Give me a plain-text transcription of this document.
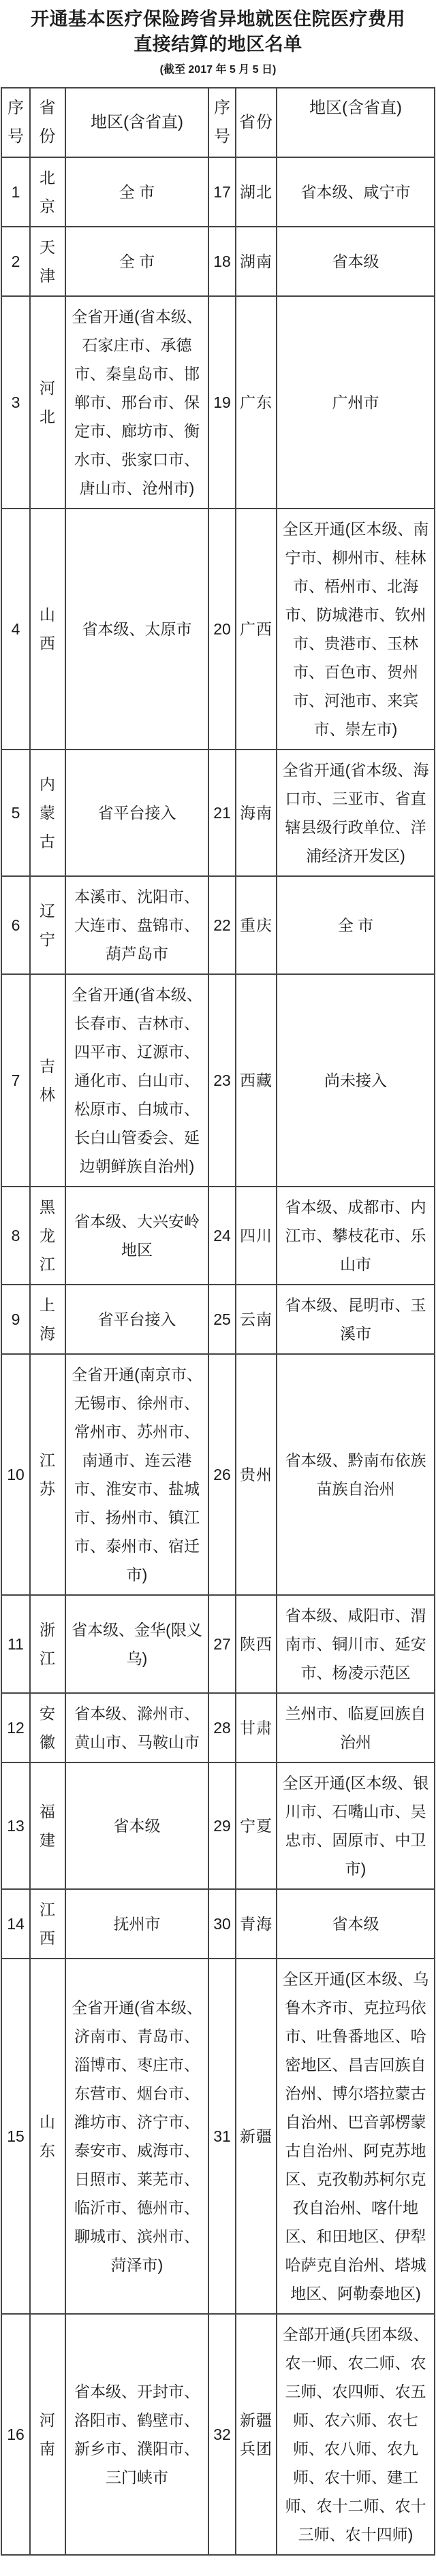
开通基本医疗保险跨省异地就医住院医疗费用
直接结算的地区名单
(截至 2017 年 5 月 5 日)
序号	省份	地区(含省直)	序号	省份	地区(含省直)
1	北京	全 市	17	湖北	省本级、咸宁市
2	天津	全 市	18	湖南	省本级
3	河北	全省开通(省本级、石家庄市、承德市、秦皇岛市、邯郸市、邢台市、保定市、廊坊市、衡水市、张家口市、唐山市、沧州市)	19	广东	广州市
4	山西	省本级、太原市	20	广西	全区开通(区本级、南宁市、柳州市、桂林市、梧州市、北海市、防城港市、钦州市、贵港市、玉林市、百色市、贺州市、河池市、来宾市、崇左市)
5	内蒙古	省平台接入	21	海南	全省开通(省本级、海口市、三亚市、省直辖县级行政单位、洋浦经济开发区)
6	辽宁	本溪市、沈阳市、大连市、盘锦市、葫芦岛市	22	重庆	全 市
7	吉林	全省开通(省本级、长春市、吉林市、四平市、辽源市、通化市、白山市、松原市、白城市、长白山管委会、延边朝鲜族自治州)	23	西藏	尚未接入
8	黑龙江	省本级、大兴安岭地区	24	四川	省本级、成都市、内江市、攀枝花市、乐山市
9	上海	省平台接入	25	云南	省本级、昆明市、玉溪市
10	江苏	全省开通(南京市、无锡市、徐州市、常州市、苏州市、南通市、连云港市、淮安市、盐城市、扬州市、镇江市、泰州市、宿迁市)	26	贵州	省本级、黔南布依族苗族自治州
11	浙江	省本级、金华(限义乌)	27	陕西	省本级、咸阳市、渭南市、铜川市、延安市、杨凌示范区
12	安徽	省本级、滁州市、黄山市、马鞍山市	28	甘肃	兰州市、临夏回族自治州
13	福建	省本级	29	宁夏	全区开通(区本级、银川市、石嘴山市、吴忠市、固原市、中卫市)
14	江西	抚州市	30	青海	省本级
15	山东	全省开通(省本级、济南市、青岛市、淄博市、枣庄市、东营市、烟台市、潍坊市、济宁市、泰安市、威海市、日照市、莱芜市、临沂市、德州市、聊城市、滨州市、菏泽市)	31	新疆	全区开通(区本级、乌鲁木齐市、克拉玛依市、吐鲁番地区、哈密地区、昌吉回族自治州、博尔塔拉蒙古自治州、巴音郭楞蒙古自治州、阿克苏地区、克孜勒苏柯尔克孜自治州、喀什地区、和田地区、伊犁哈萨克自治州、塔城地区、阿勒泰地区)
16	河南	省本级、开封市、洛阳市、鹤壁市、新乡市、濮阳市、三门峡市	32	新疆兵团	全部开通(兵团本级、农一师、农二师、农三师、农四师、农五师、农六师、农七师、农八师、农九师、农十师、建工师、农十二师、农十三师、农十四师)
